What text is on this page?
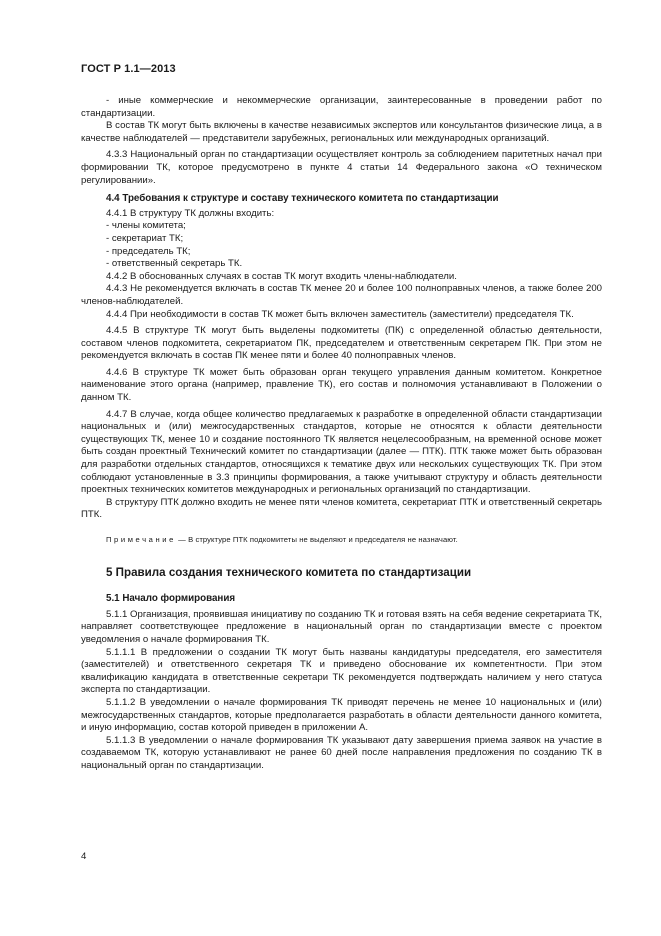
ГОСТ Р 1.1—2013

- иные коммерческие и некоммерческие организации, заинтересованные в проведении работ по стандартизации.

В состав ТК могут быть включены в качестве независимых экспертов или консультантов физические лица, а в качестве наблюдателей — представители зарубежных, региональных или международных организаций.

4.3.3 Национальный орган по стандартизации осуществляет контроль за соблюдением паритетных начал при формировании ТК, которое предусмотрено в пункте 4 статьи 14 Федерального закона «О техническом регулировании».

4.4 Требования к структуре и составу технического комитета по стандартизации

4.4.1 В структуру ТК должны входить:

- члены комитета;

- секретариат ТК;

- председатель ТК;

- ответственный секретарь ТК.

4.4.2 В обоснованных случаях в состав ТК могут входить члены-наблюдатели.

4.4.3 Не рекомендуется включать в состав ТК менее 20 и более 100 полноправных членов, а также более 200 членов-наблюдателей.

4.4.4 При необходимости в состав ТК может быть включен заместитель (заместители) председателя ТК.

4.4.5 В структуре ТК могут быть выделены подкомитеты (ПК) с определенной областью деятельности, составом членов подкомитета, секретариатом ПК, председателем и ответственным секретарем ПК. При этом не рекомендуется включать в состав ПК менее пяти и более 40 полноправных членов.

4.4.6 В структуре ТК может быть образован орган текущего управления данным комитетом. Конкретное наименование этого органа (например, правление ТК), его состав и полномочия устанавливают в Положении о данном ТК.

4.4.7 В случае, когда общее количество предлагаемых к разработке в определенной области стандартизации национальных и (или) межгосударственных стандартов, которые не относятся к области деятельности существующих ТК, менее 10 и создание постоянного ТК является нецелесообразным, на временной основе может быть создан проектный Технический комитет по стандартизации (далее — ПТК). ПТК также может быть образован для разработки отдельных стандартов, относящихся к тематике двух или нескольких существующих ТК. При этом соблюдают установленные в 3.3 принципы формирования, а также учитывают структуру и область деятельности проектных технических комитетов международных и региональных организаций по стандартизации.

В структуру ПТК должно входить не менее пяти членов комитета, секретариат ПТК и ответственный секретарь ПТК.

Примечание — В структуре ПТК подкомитеты не выделяют и председателя не назначают.

5 Правила создания технического комитета по стандартизации

5.1 Начало формирования

5.1.1 Организация, проявившая инициативу по созданию ТК и готовая взять на себя ведение секретариата ТК, направляет соответствующее предложение в национальный орган по стандартизации вместе с проектом уведомления о начале формирования ТК.

5.1.1.1 В предложении о создании ТК могут быть названы кандидатуры председателя, его заместителя (заместителей) и ответственного секретаря ТК и приведено обоснование их компетентности. При этом квалификацию кандидата в ответственные секретари ТК рекомендуется подтверждать наличием у него статуса эксперта по стандартизации.

5.1.1.2 В уведомлении о начале формирования ТК приводят перечень не менее 10 национальных и (или) межгосударственных стандартов, которые предполагается разработать в области деятельности данного комитета, и иную информацию, состав которой приведен в приложении А.

5.1.1.3 В уведомлении о начале формирования ТК указывают дату завершения приема заявок на участие в создаваемом ТК, которую устанавливают не ранее 60 дней после направления предложения по созданию ТК в национальный орган по стандартизации.

4
